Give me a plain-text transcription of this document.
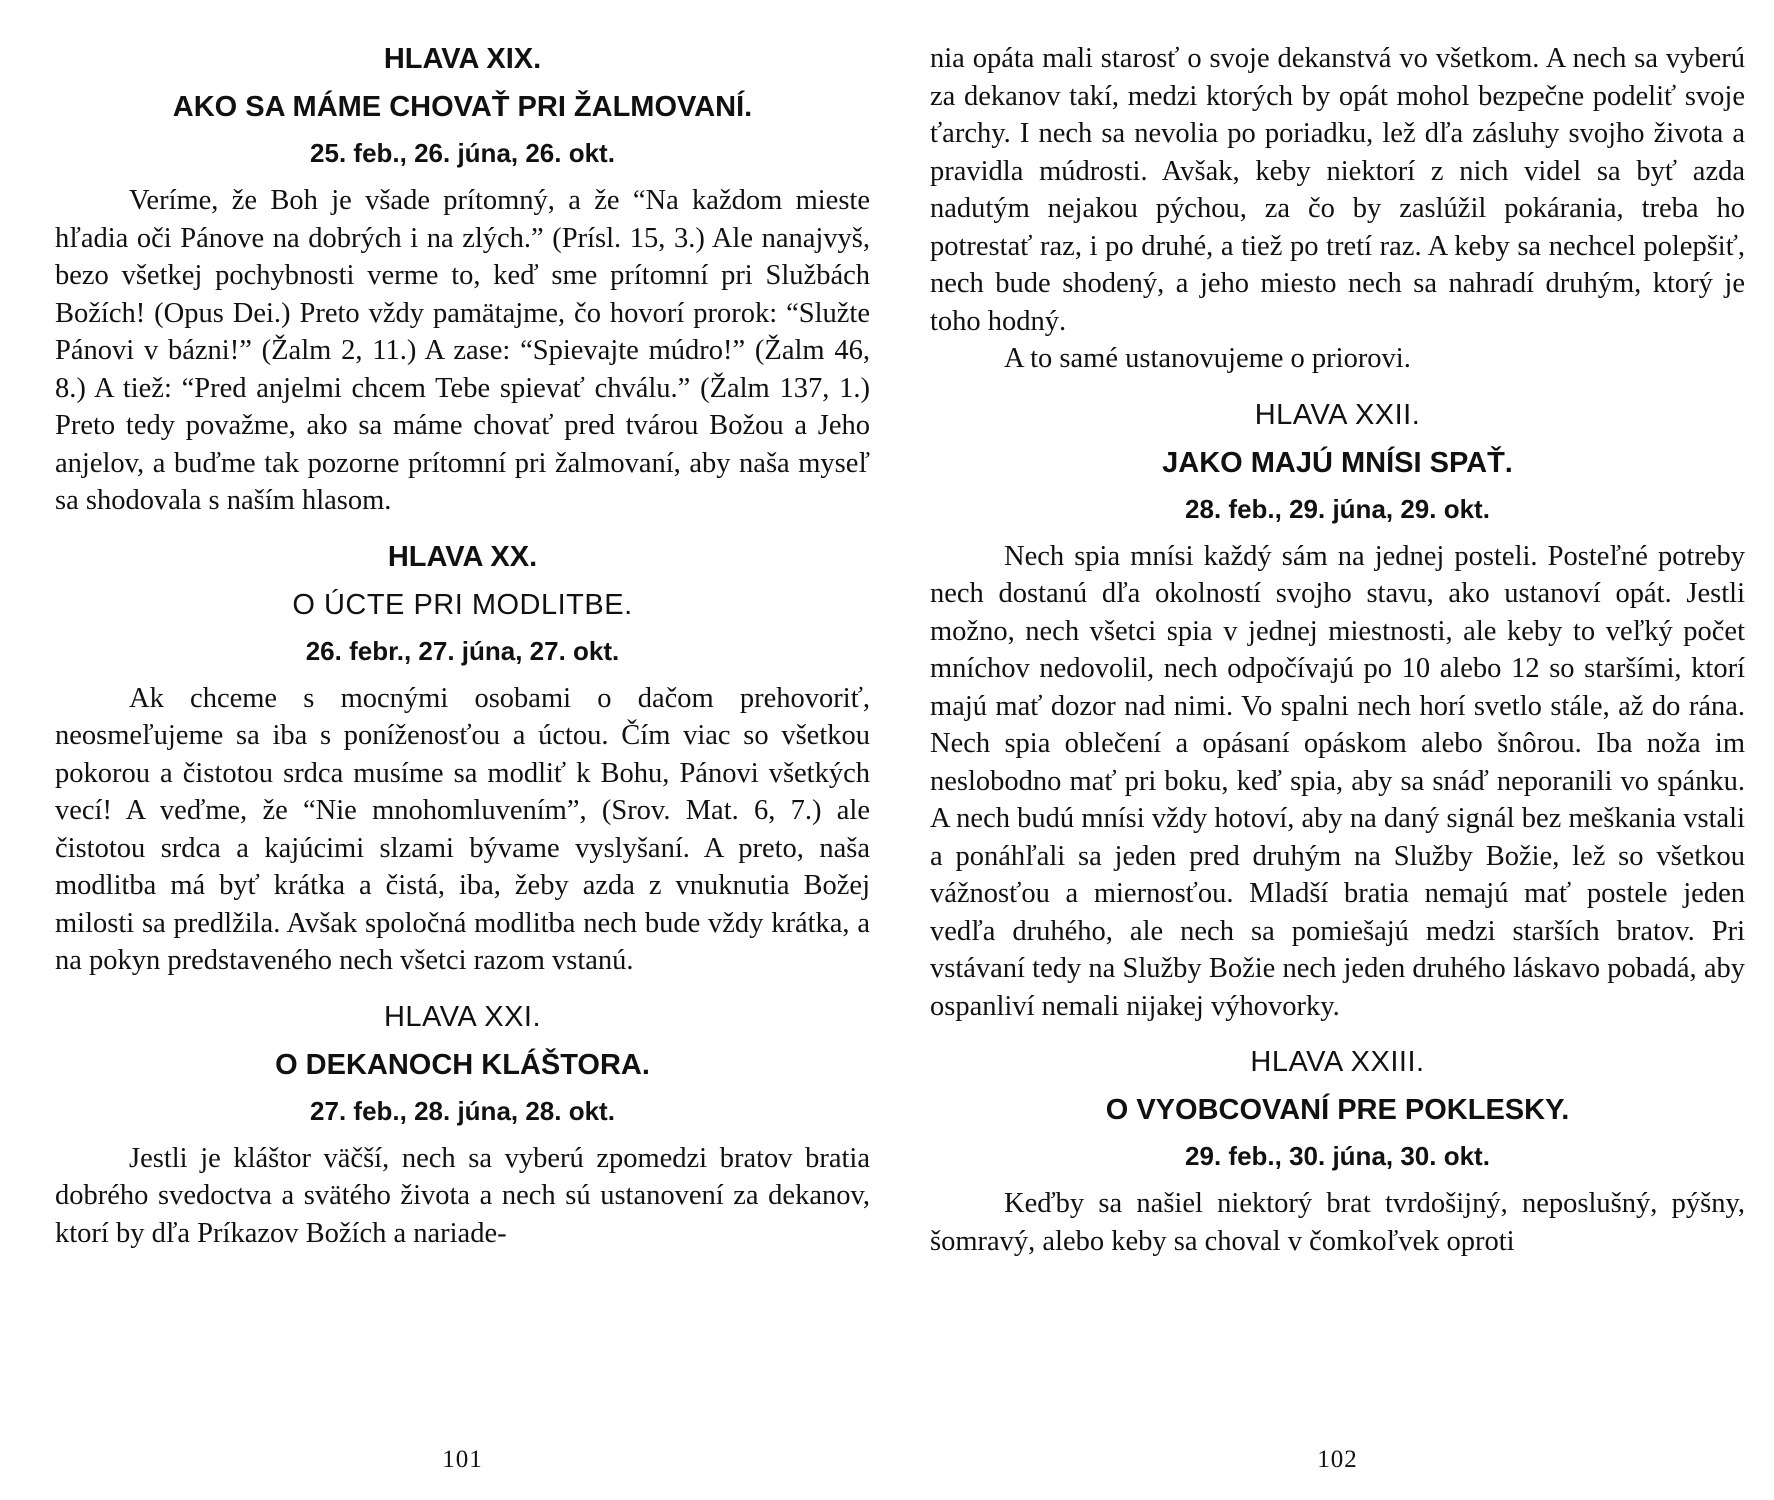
HLAVA XIX.
AKO SA MÁME CHOVAŤ PRI ŽALMOVANÍ.
25. feb., 26. júna, 26. okt.

Veríme, že Boh je všade prítomný, a že “Na každom mieste hľadia oči Pánove na dobrých i na zlých.” (Prísl. 15, 3.) Ale nanajvyš, bezo všetkej pochybnosti verme to, keď sme prítomní pri Službách Božích! (Opus Dei.) Preto vždy pamätajme, čo hovorí prorok: “Služte Pánovi v bázni!” (Žalm 2, 11.) A zase: “Spievajte múdro!” (Žalm 46, 8.) A tiež: “Pred anjelmi chcem Tebe spievať chválu.” (Žalm 137, 1.) Preto tedy považme, ako sa máme chovať pred tvárou Božou a Jeho anjelov, a buďme tak pozorne prítomní pri žalmovaní, aby naša myseľ sa shodovala s naším hlasom.

HLAVA XX.
O ÚCTE PRI MODLITBE.
26. febr., 27. júna, 27. okt.

Ak chceme s mocnými osobami o dačom prehovoriť, neosmeľujeme sa iba s poníženosťou a úctou. Čím viac so všetkou pokorou a čistotou srdca musíme sa modliť k Bohu, Pánovi všetkých vecí! A veďme, že “Nie mnohomluvením”, (Srov. Mat. 6, 7.) ale čistotou srdca a kajúcimi slzami bývame vyslyšaní. A preto, naša modlitba má byť krátka a čistá, iba, žeby azda z vnuknutia Božej milosti sa predlžila. Avšak spoločná modlitba nech bude vždy krátka, a na pokyn predstaveného nech všetci razom vstanú.

HLAVA XXI.
O DEKANOCH KLÁŠTORA.
27. feb., 28. júna, 28. okt.

Jestli je kláštor väčší, nech sa vyberú zpomedzi bratov bratia dobrého svedoctva a svätého života a nech sú ustanovení za dekanov, ktorí by dľa Príkazov Božích a nariade-

101

nia opáta mali starosť o svoje dekanstvá vo všetkom. A nech sa vyberú za dekanov takí, medzi ktorých by opát mohol bezpečne podeliť svoje ťarchy. I nech sa nevolia po poriadku, lež dľa zásluhy svojho života a pravidla múdrosti. Avšak, keby niektorí z nich videl sa byť azda nadutým nejakou pýchou, za čo by zaslúžil pokárania, treba ho potrestať raz, i po druhé, a tiež po tretí raz. A keby sa nechcel polepšiť, nech bude shodený, a jeho miesto nech sa nahradí druhým, ktorý je toho hodný.

A to samé ustanovujeme o priorovi.

HLAVA XXII.
JAKO MAJÚ MNÍSI SPAŤ.
28. feb., 29. júna, 29. okt.

Nech spia mnísi každý sám na jednej posteli. Posteľné potreby nech dostanú dľa okolností svojho stavu, ako ustanoví opát. Jestli možno, nech všetci spia v jednej miestnosti, ale keby to veľký počet mníchov nedovolil, nech odpočívajú po 10 alebo 12 so staršími, ktorí majú mať dozor nad nimi. Vo spalni nech horí svetlo stále, až do rána. Nech spia oblečení a opásaní opáskom alebo šnôrou. Iba noža im neslobodno mať pri boku, keď spia, aby sa snáď neporanili vo spánku. A nech budú mnísi vždy hotoví, aby na daný signál bez meškania vstali a ponáhľali sa jeden pred druhým na Služby Božie, lež so všetkou vážnosťou a miernosťou. Mladší bratia nemajú mať postele jeden vedľa druhého, ale nech sa pomiešajú medzi starších bratov. Pri vstávaní tedy na Služby Božie nech jeden druhého láskavo pobadá, aby ospanliví nemali nijakej výhovorky.

HLAVA XXIII.
O VYOBCOVANÍ PRE POKLESKY.
29. feb., 30. júna, 30. okt.

Keďby sa našiel niektorý brat tvrdošijný, neposlušný, pýšny, šomravý, alebo keby sa choval v čomkoľvek oproti

102
